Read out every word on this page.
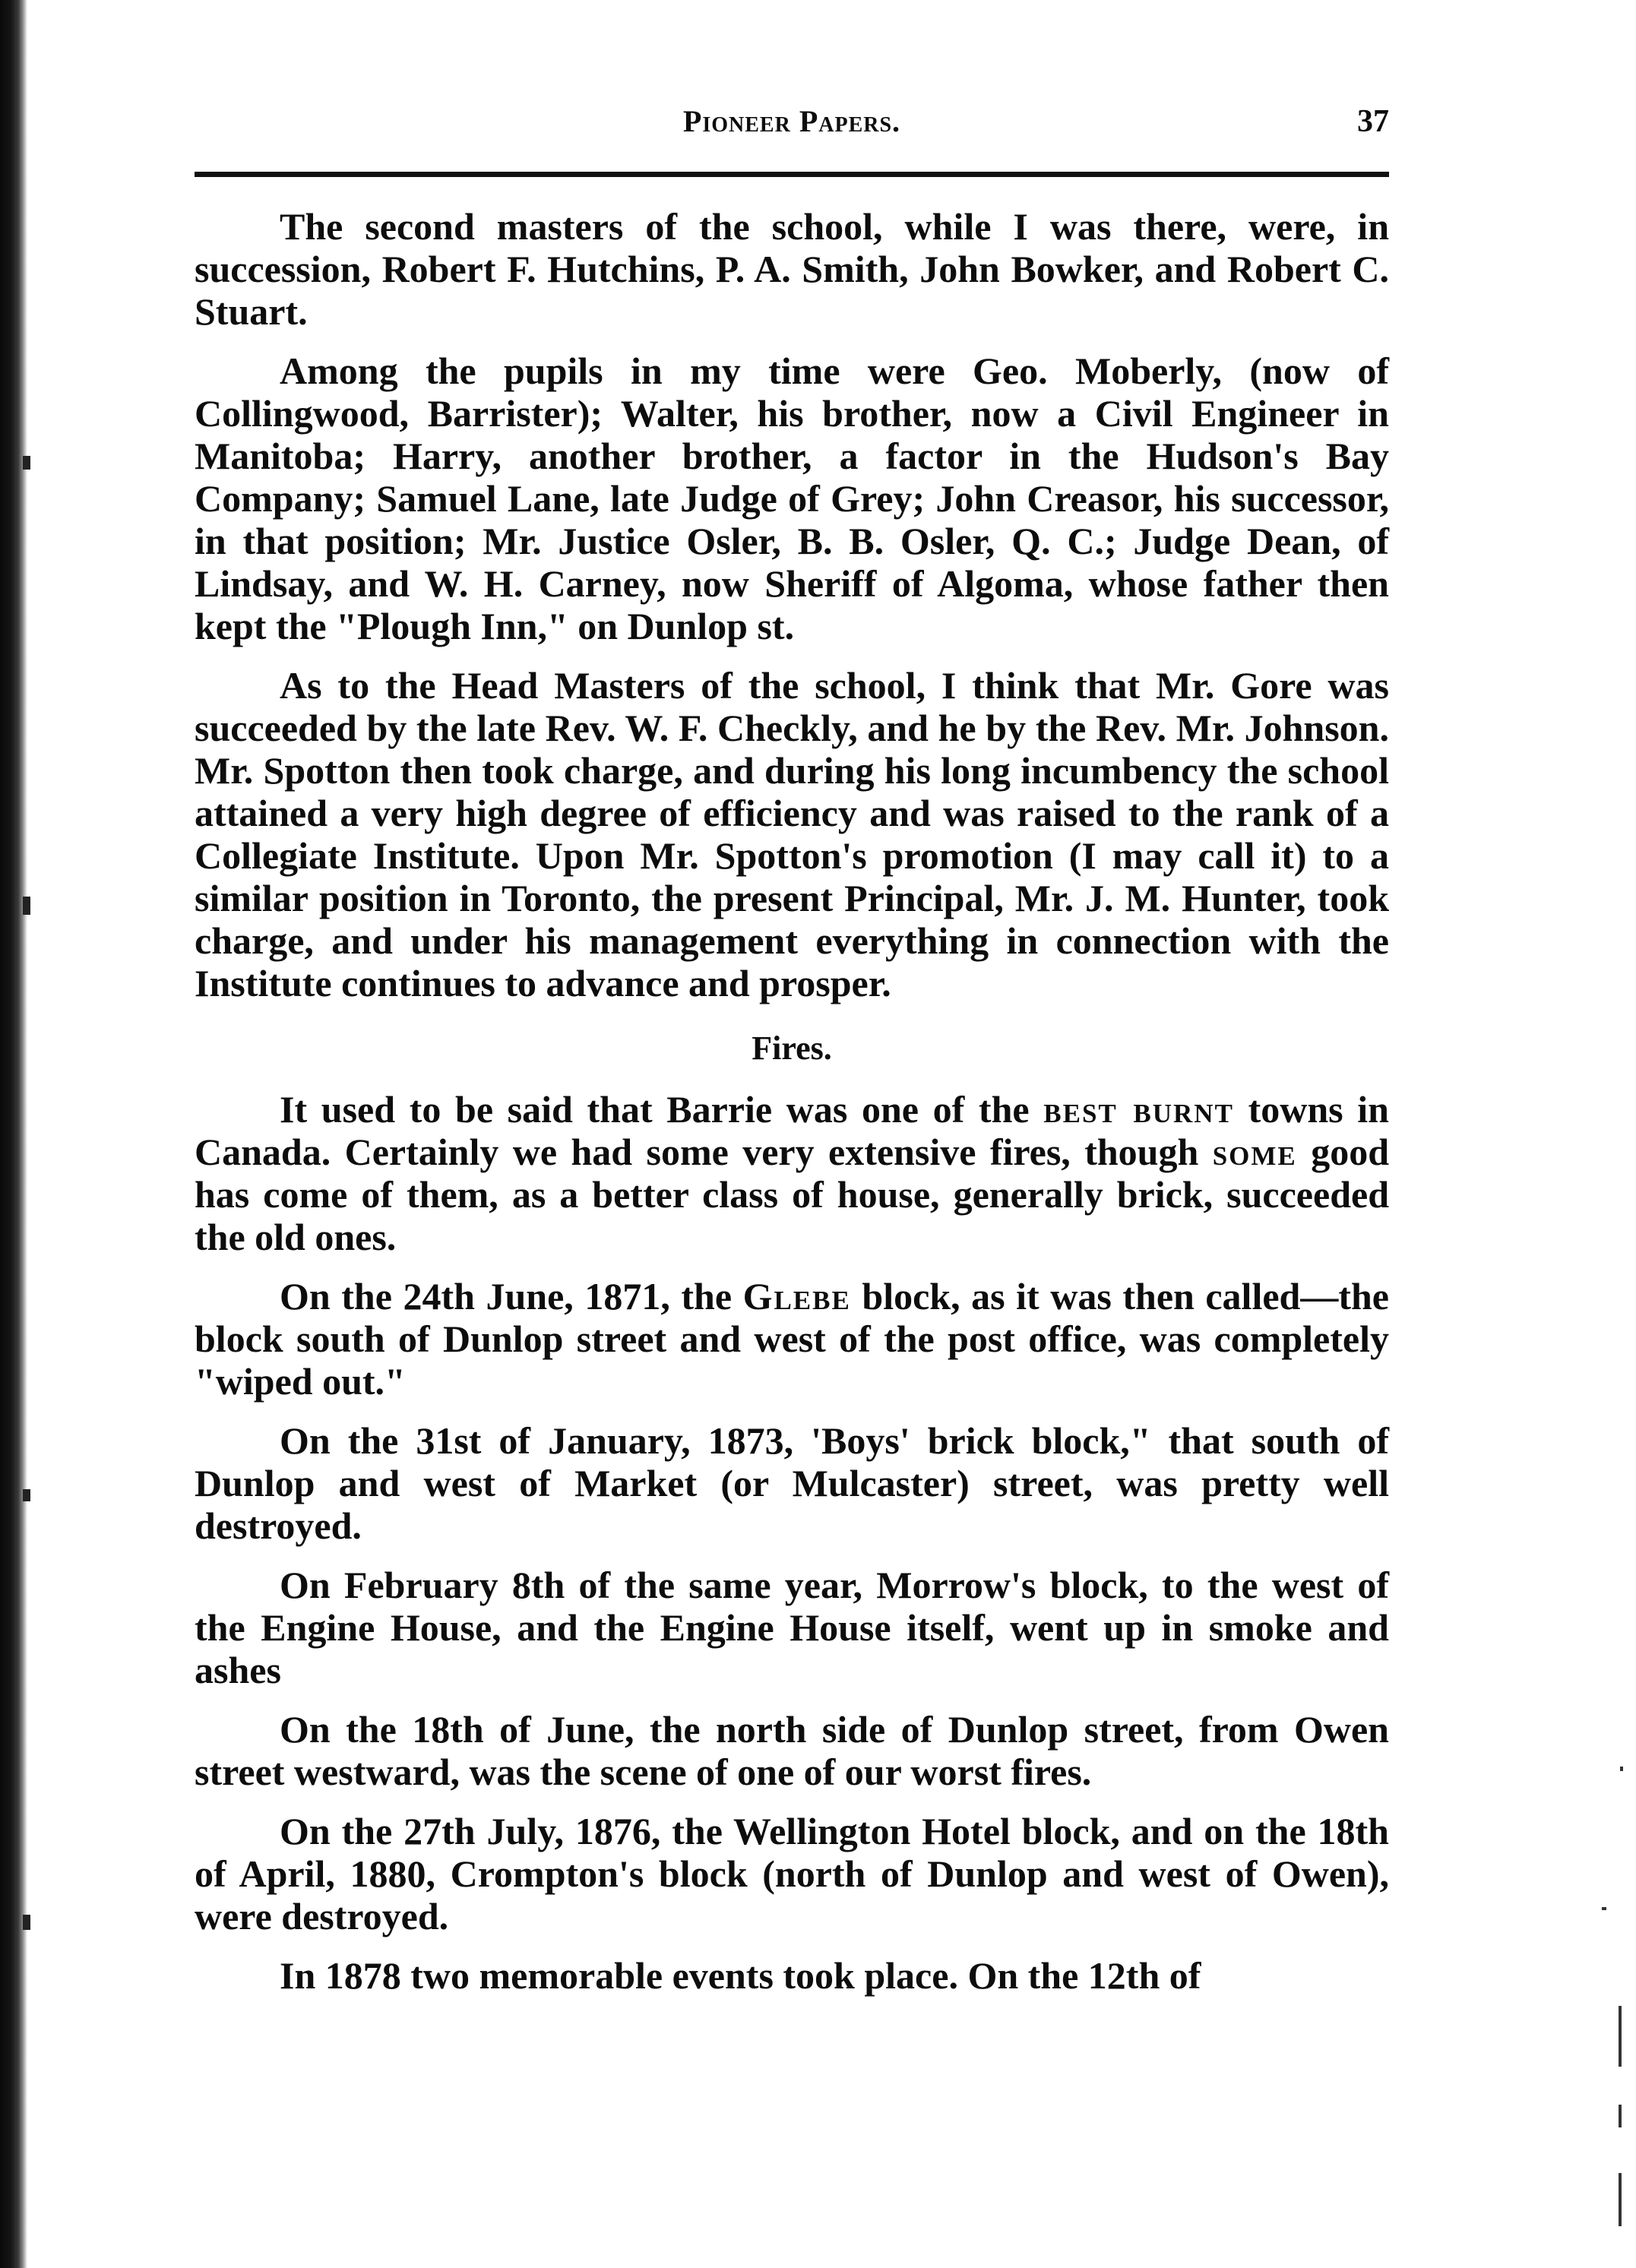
Pioneer Papers.	37

The second masters of the school, while I was there, were, in succession, Robert F. Hutchins, P. A. Smith, John Bowker, and Robert C. Stuart.

Among the pupils in my time were Geo. Moberly, (now of Collingwood, Barrister); Walter, his brother, now a Civil Engineer in Manitoba; Harry, another brother, a factor in the Hudson's Bay Company; Samuel Lane, late Judge of Grey; John Creasor, his successor, in that position; Mr. Justice Osler, B. B. Osler, Q. C.; Judge Dean, of Lindsay, and W. H. Carney, now Sheriff of Algoma, whose father then kept the "Plough Inn," on Dunlop st.

As to the Head Masters of the school, I think that Mr. Gore was succeeded by the late Rev. W. F. Checkly, and he by the Rev. Mr. Johnson. Mr. Spotton then took charge, and during his long incumbency the school attained a very high degree of efficiency and was raised to the rank of a Collegiate Institute. Upon Mr. Spotton's promotion (I may call it) to a similar position in Toronto, the present Principal, Mr. J. M. Hunter, took charge, and under his management everything in connection with the Institute continues to advance and prosper.

Fires.

It used to be said that Barrie was one of the best burnt towns in Canada. Certainly we had some very extensive fires, though some good has come of them, as a better class of house, generally brick, succeeded the old ones.

On the 24th June, 1871, the Glebe block, as it was then called—the block south of Dunlop street and west of the post office, was completely "wiped out."

On the 31st of January, 1873, 'Boys' brick block," that south of Dunlop and west of Market (or Mulcaster) street, was pretty well destroyed.

On February 8th of the same year, Morrow's block, to the west of the Engine House, and the Engine House itself, went up in smoke and ashes

On the 18th of June, the north side of Dunlop street, from Owen street westward, was the scene of one of our worst fires.

On the 27th July, 1876, the Wellington Hotel block, and on the 18th of April, 1880, Crompton's block (north of Dunlop and west of Owen), were destroyed.

In 1878 two memorable events took place. On the 12th of
